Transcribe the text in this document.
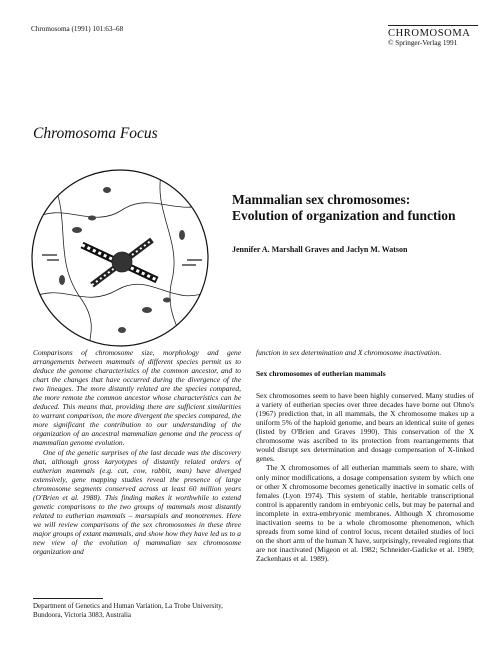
Chromosoma (1991) 101:63–68	CHROMOSOMA
© Springer-Verlag 1991
Chromosoma Focus
Mammalian sex chromosomes:
Evolution of organization and function
Jennifer A. Marshall Graves and Jaclyn M. Watson

Comparisons of chromosome size, morphology and gene arrangements between mammals of different species permit us to deduce the genome characteristics of the common ancestor, and to chart the changes that have occurred during the divergence of the two lineages. The more distantly related are the species compared, the more remote the common ancestor whose characteristics can be deduced. This means that, providing there are sufficient similarities to warrant comparison, the more divergent the species compared, the more significant the contribution to our understanding of the organization of an ancestral mammalian genome and the process of mammalian genome evolution.

One of the genetic surprises of the last decade was the discovery that, although gross karyotypes of distantly related orders of eutherian mammals (e.g. cat, cow, rabbit, man) have diverged extensively, gene mapping studies reveal the presence of large chromosome segments conserved across at least 60 million years (O'Brien et al. 1988). This finding makes it worthwhile to extend genetic comparisons to the two groups of mammals most distantly related to eutherian mammals – marsupials and monotremes. Here we will review comparisons of the sex chromosomes in these three major groups of extant mammals, and show how they have led us to a new view of the evolution of mammalian sex chromosome organization and

function in sex determination and X chromosome inactivation.

Sex chromosomes of eutherian mammals

Sex chromosomes seem to have been highly conserved. Many studies of a variety of eutherian species over three decades have borne out Ohno's (1967) prediction that, in all mammals, the X chromosome makes up a uniform 5% of the haploid genome, and bears an identical suite of genes (listed by O'Brien and Graves 1990). This conservation of the X chromosome was ascribed to its protection from rearrangements that would disrupt sex determination and dosage compensation of X-linked genes.

The X chromosomes of all eutherian mammals seem to share, with only minor modifications, a dosage compensation system by which one or other X chromosome becomes genetically inactive in somatic cells of females (Lyon 1974). This system of stable, heritable transcriptional control is apparently random in embryonic cells, but may be paternal and incomplete in extra-embryonic membranes. Although X chromosome inactivation seems to be a whole chromosome phenomenon, which spreads from some kind of control locus, recent detailed studies of loci on the short arm of the human X have, surprisingly, revealed regions that are not inactivated (Migeon et al. 1982; Schneider-Gadicke et al. 1989; Zackenhaus et al. 1989).

Department of Genetics and Human Variation, La Trobe University, Bundoora, Victoria 3083, Australia
